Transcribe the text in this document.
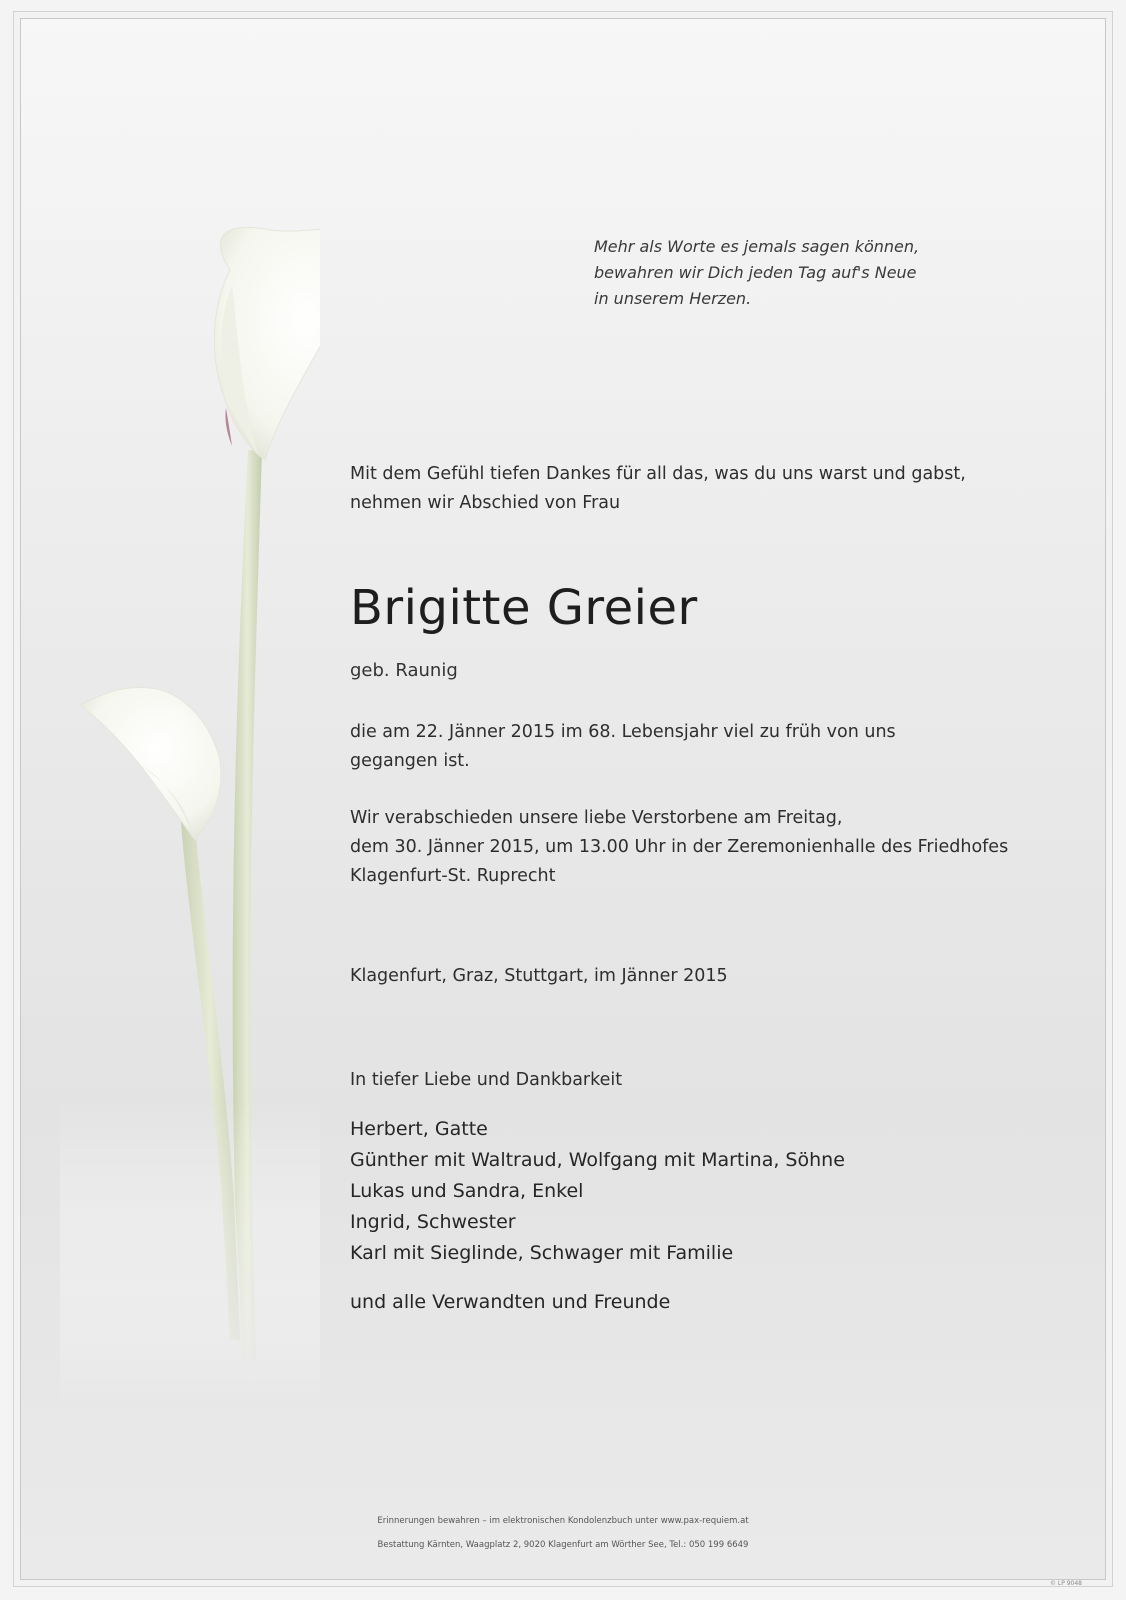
Mehr als Worte es jemals sagen können,
bewahren wir Dich jeden Tag auf's Neue
in unserem Herzen.
Mit dem Gefühl tiefen Dankes für all das, was du uns warst und gabst,
nehmen wir Abschied von Frau
Brigitte Greier
geb. Raunig
die am 22. Jänner 2015 im 68. Lebensjahr viel zu früh von uns
gegangen ist.
Wir verabschieden unsere liebe Verstorbene am Freitag,
dem 30. Jänner 2015, um 13.00 Uhr in der Zeremonienhalle des Friedhofes
Klagenfurt-St. Ruprecht
Klagenfurt, Graz, Stuttgart, im Jänner 2015
In tiefer Liebe und Dankbarkeit
Herbert, Gatte
Günther mit Waltraud, Wolfgang mit Martina, Söhne
Lukas und Sandra, Enkel
Ingrid, Schwester
Karl mit Sieglinde, Schwager mit Familie
und alle Verwandten und Freunde
Erinnerungen bewahren – im elektronischen Kondolenzbuch unter www.pax-requiem.at
Bestattung Kärnten, Waagplatz 2, 9020 Klagenfurt am Wörther See, Tel.: 050 199 6649
© LP 9048
